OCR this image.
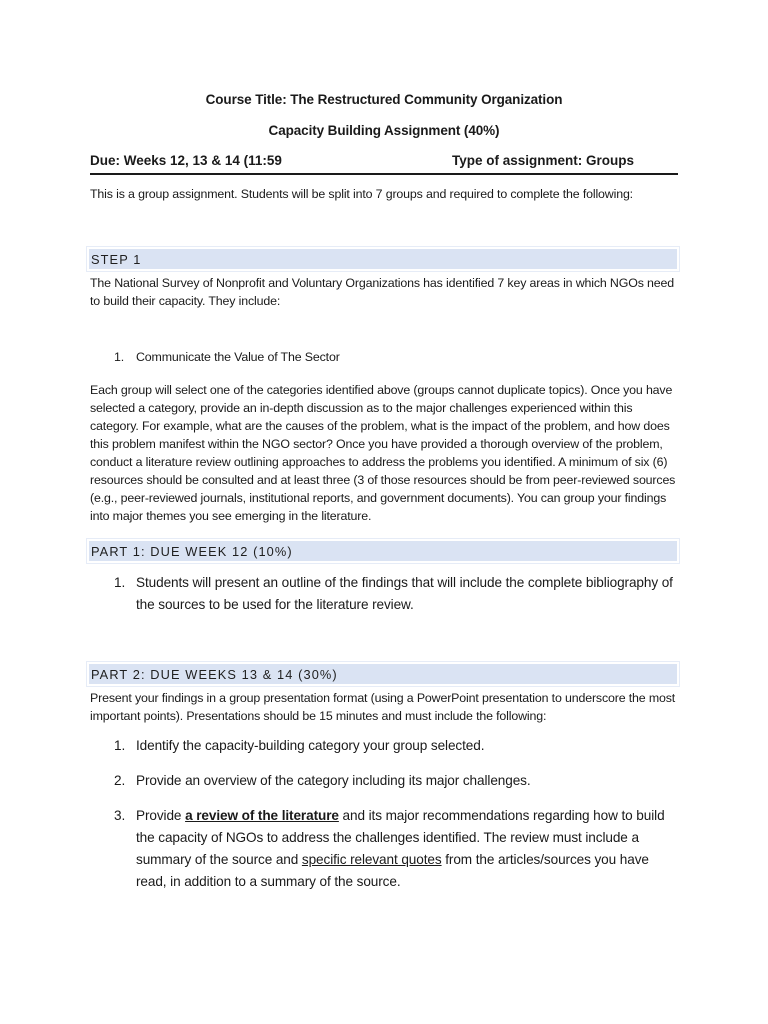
Course Title: The Restructured Community Organization
Capacity Building Assignment (40%)
Due: Weeks 12, 13 & 14 (11:59	Type of assignment: Groups
This is a group assignment. Students will be split into 7 groups and required to complete the following:
STEP 1
The National Survey of Nonprofit and Voluntary Organizations has identified 7 key areas in which NGOs need to build their capacity. They include:
1. Communicate the Value of The Sector
Each group will select one of the categories identified above (groups cannot duplicate topics). Once you have selected a category, provide an in-depth discussion as to the major challenges experienced within this category. For example, what are the causes of the problem, what is the impact of the problem, and how does this problem manifest within the NGO sector? Once you have provided a thorough overview of the problem, conduct a literature review outlining approaches to address the problems you identified. A minimum of six (6) resources should be consulted and at least three (3 of those resources should be from peer-reviewed sources (e.g., peer-reviewed journals, institutional reports, and government documents). You can group your findings into major themes you see emerging in the literature.
PART 1: DUE WEEK 12 (10%)
1. Students will present an outline of the findings that will include the complete bibliography of the sources to be used for the literature review.
PART 2: DUE WEEKS 13 & 14 (30%)
Present your findings in a group presentation format (using a PowerPoint presentation to underscore the most important points). Presentations should be 15 minutes and must include the following:
1. Identify the capacity-building category your group selected.
2. Provide an overview of the category including its major challenges.
3. Provide a review of the literature and its major recommendations regarding how to build the capacity of NGOs to address the challenges identified. The review must include a summary of the source and specific relevant quotes from the articles/sources you have read, in addition to a summary of the source.
